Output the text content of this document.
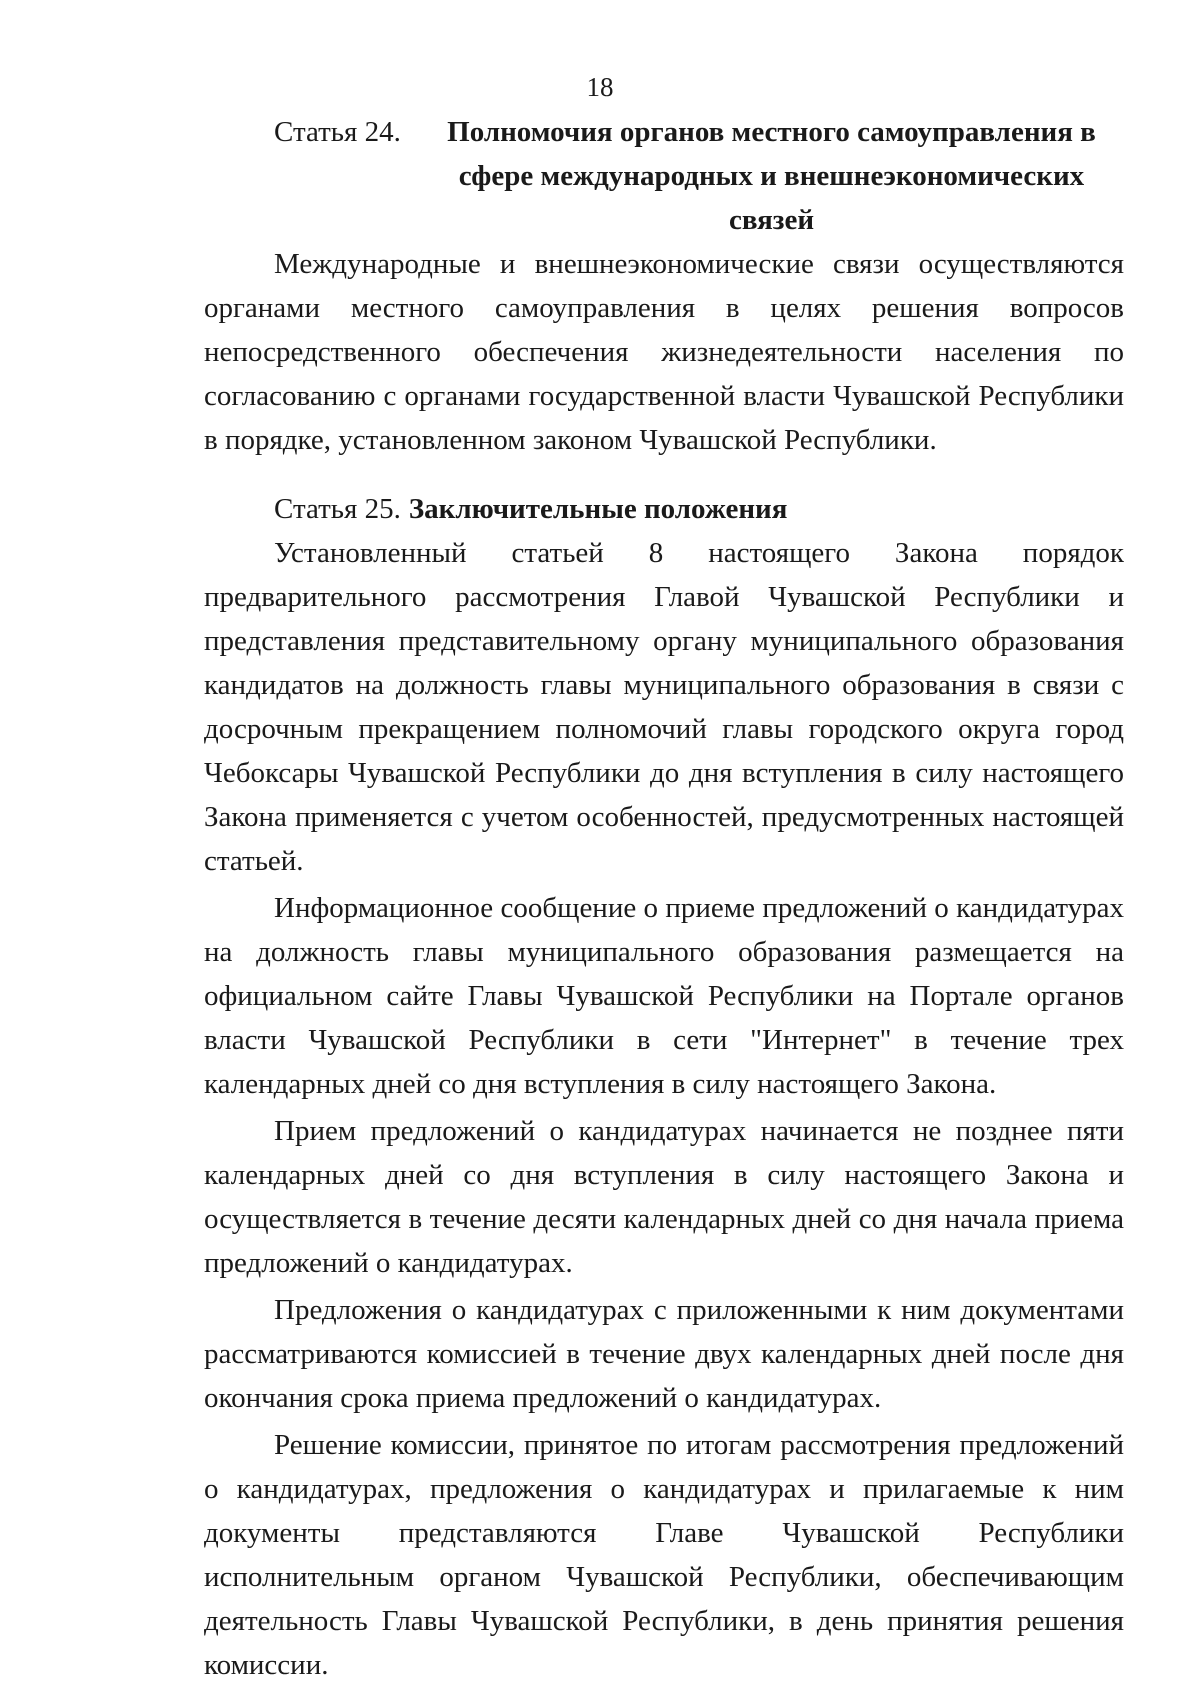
18
Статья 24.	Полномочия органов местного самоуправления в сфере международных и внешнеэкономических связей

Международные и внешнеэкономические связи осуществляются органами местного самоуправления в целях решения вопросов непосредственного обеспечения жизнедеятельности населения по согласованию с органами государственной власти Чувашской Республики в порядке, установленном законом Чувашской Республики.

Статья 25. Заключительные положения

Установленный статьей 8 настоящего Закона порядок предварительного рассмотрения Главой Чувашской Республики и представления представительному органу муниципального образования кандидатов на должность главы муниципального образования в связи с досрочным прекращением полномочий главы городского округа город Чебоксары Чувашской Республики до дня вступления в силу настоящего Закона применяется с учетом особенностей, предусмотренных настоящей статьей.

Информационное сообщение о приеме предложений о кандидатурах на должность главы муниципального образования размещается на официальном сайте Главы Чувашской Республики на Портале органов власти Чувашской Республики в сети "Интернет" в течение трех календарных дней со дня вступления в силу настоящего Закона.

Прием предложений о кандидатурах начинается не позднее пяти календарных дней со дня вступления в силу настоящего Закона и осуществляется в течение десяти календарных дней со дня начала приема предложений о кандидатурах.

Предложения о кандидатурах с приложенными к ним документами рассматриваются комиссией в течение двух календарных дней после дня окончания срока приема предложений о кандидатурах.

Решение комиссии, принятое по итогам рассмотрения предложений о кандидатурах, предложения о кандидатурах и прилагаемые к ним документы представляются Главе Чувашской Республики исполнительным органом Чувашской Республики, обеспечивающим деятельность Главы Чувашской Республики, в день принятия решения комиссии.
